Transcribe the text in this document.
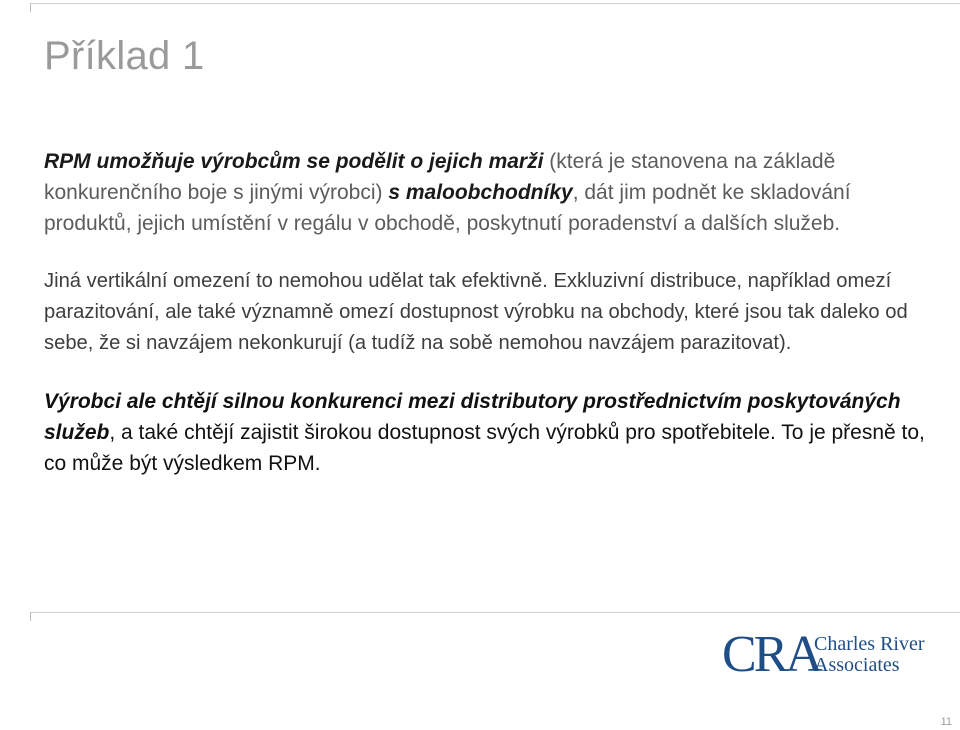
Příklad 1

RPM umožňuje výrobcům se podělit o jejich marži (která je stanovena na základě konkurenčního boje s jinými výrobci) s maloobchodníky, dát jim podnět ke skladování produktů, jejich umístění v regálu v obchodě, poskytnutí poradenství a dalších služeb.

Jiná vertikální omezení to nemohou udělat tak efektivně. Exkluzivní distribuce, například omezí parazitování, ale také významně omezí dostupnost výrobku na obchody, které jsou tak daleko od sebe, že si navzájem nekonkurují (a tudíž na sobě nemohou navzájem parazitovat).

Výrobci ale chtějí silnou konkurenci mezi distributory prostřednictvím poskytováných služeb, a také chtějí zajistit širokou dostupnost svých výrobků pro spotřebitele. To je přesně to, co může být výsledkem RPM.

CRA
Charles River
Associates
11
